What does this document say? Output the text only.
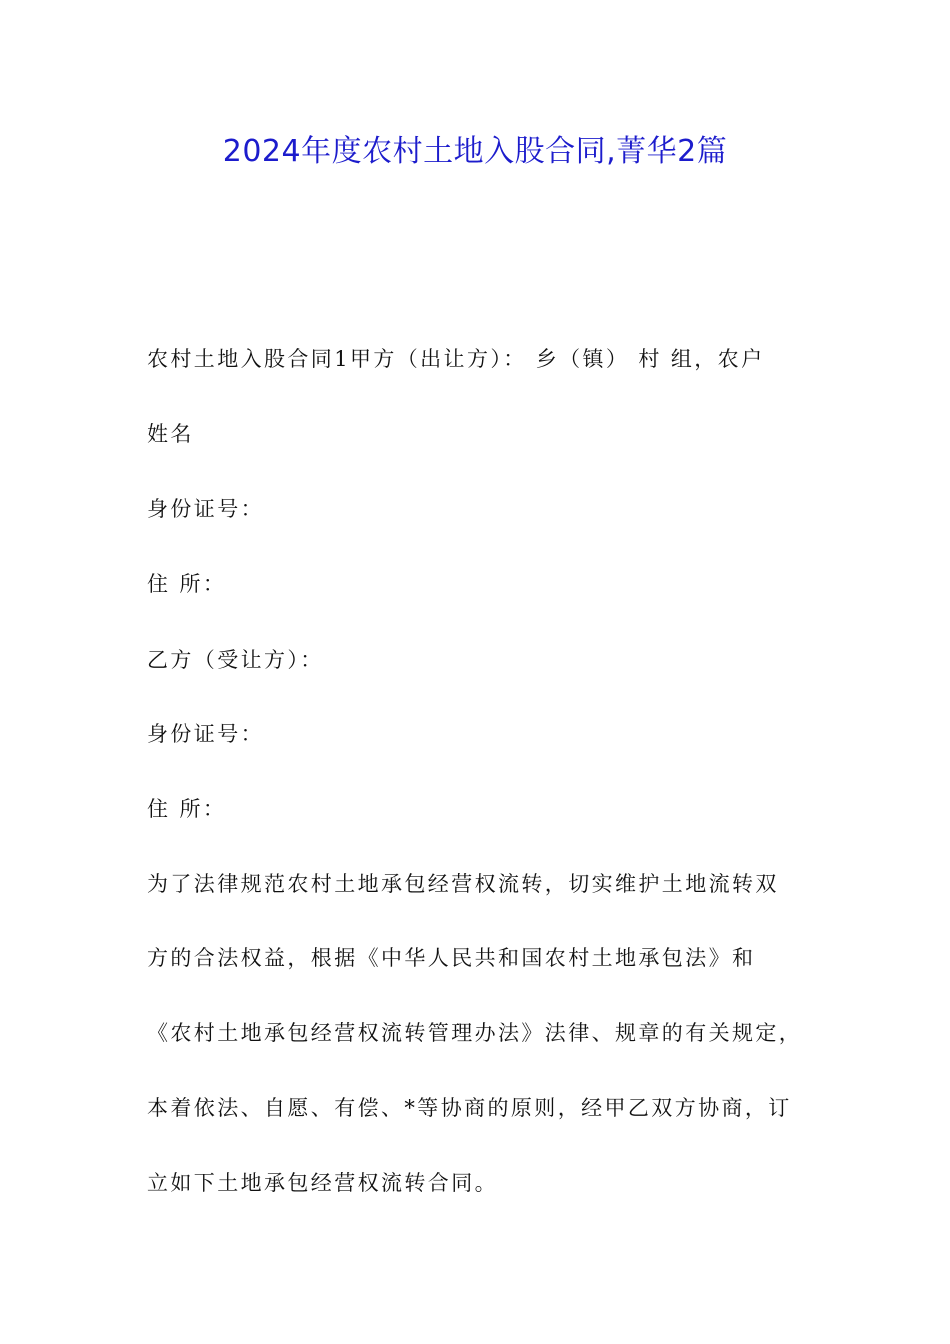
2024年度农村土地入股合同,菁华2篇
农村土地入股合同1甲方（出让方）： 乡（镇） 村 组，农户
姓名
身份证号：
住 所：
乙方（受让方）：
身份证号：
住 所：
为了法律规范农村土地承包经营权流转，切实维护土地流转双
方的合法权益，根据《中华人民共和国农村土地承包法》和
《农村土地承包经营权流转管理办法》法律、规章的有关规定，
本着依法、自愿、有偿、*等协商的原则，经甲乙双方协商，订
立如下土地承包经营权流转合同。
